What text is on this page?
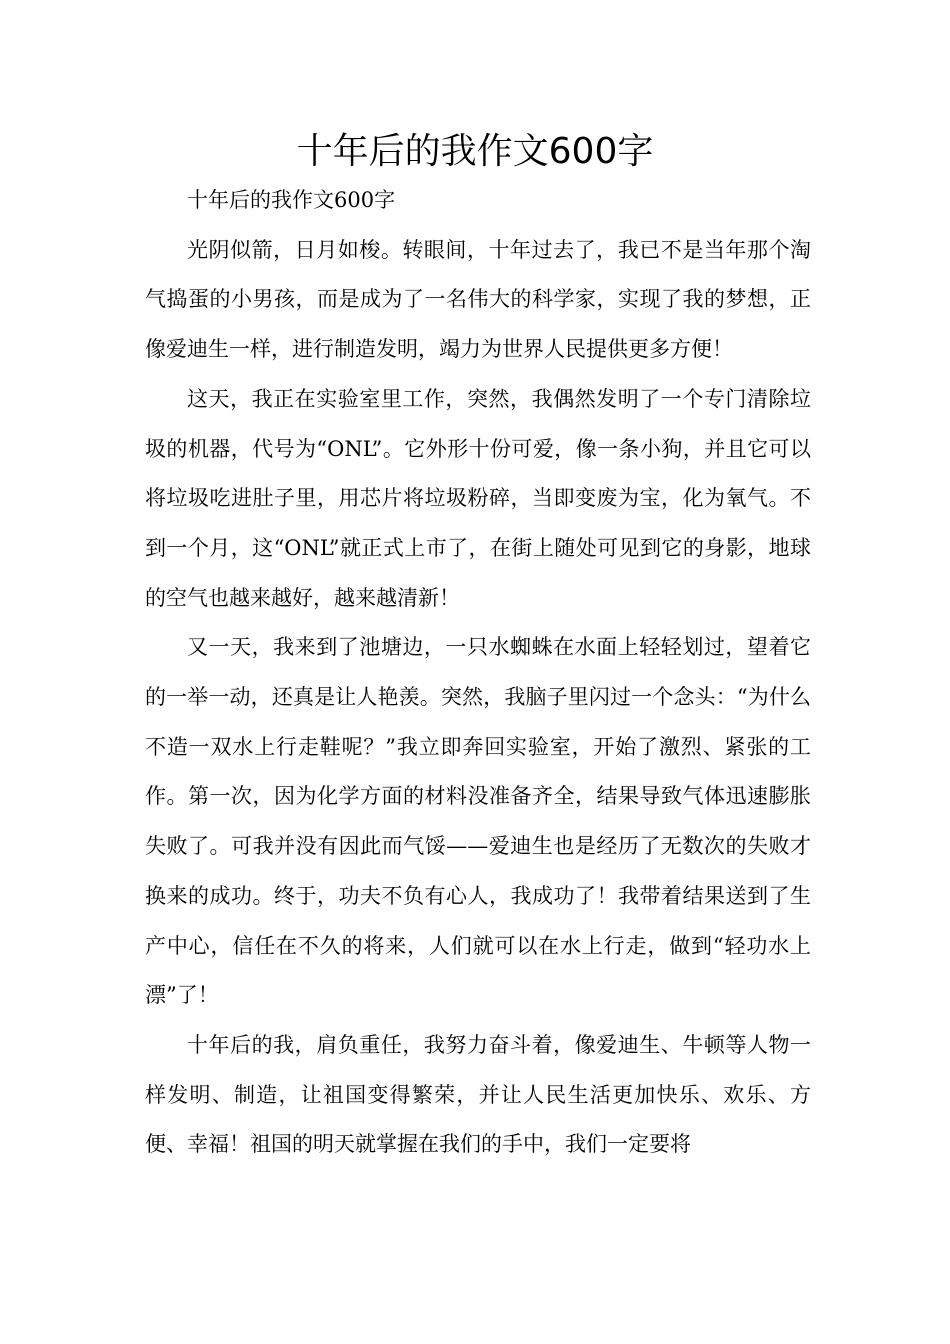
十年后的我作文600字

十年后的我作文600字

光阴似箭，日月如梭。转眼间，十年过去了，我已不是当年那个淘气捣蛋的小男孩，而是成为了一名伟大的科学家，实现了我的梦想，正像爱迪生一样，进行制造发明，竭力为世界人民提供更多方便！

这天，我正在实验室里工作，突然，我偶然发明了一个专门清除垃圾的机器，代号为“ONL”。它外形十份可爱，像一条小狗，并且它可以将垃圾吃进肚子里，用芯片将垃圾粉碎，当即变废为宝，化为氧气。不到一个月，这“ONL”就正式上市了，在街上随处可见到它的身影，地球的空气也越来越好，越来越清新！

又一天，我来到了池塘边，一只水蜘蛛在水面上轻轻划过，望着它的一举一动，还真是让人艳羡。突然，我脑子里闪过一个念头：“为什么不造一双水上行走鞋呢？”我立即奔回实验室，开始了激烈、紧张的工作。第一次，因为化学方面的材料没准备齐全，结果导致气体迅速膨胀失败了。可我并没有因此而气馁——爱迪生也是经历了无数次的失败才换来的成功。终于，功夫不负有心人，我成功了！我带着结果送到了生产中心，信任在不久的将来，人们就可以在水上行走，做到“轻功水上漂”了！

十年后的我，肩负重任，我努力奋斗着，像爱迪生、牛顿等人物一样发明、制造，让祖国变得繁荣，并让人民生活更加快乐、欢乐、方便、幸福！祖国的明天就掌握在我们的手中，我们一定要将
